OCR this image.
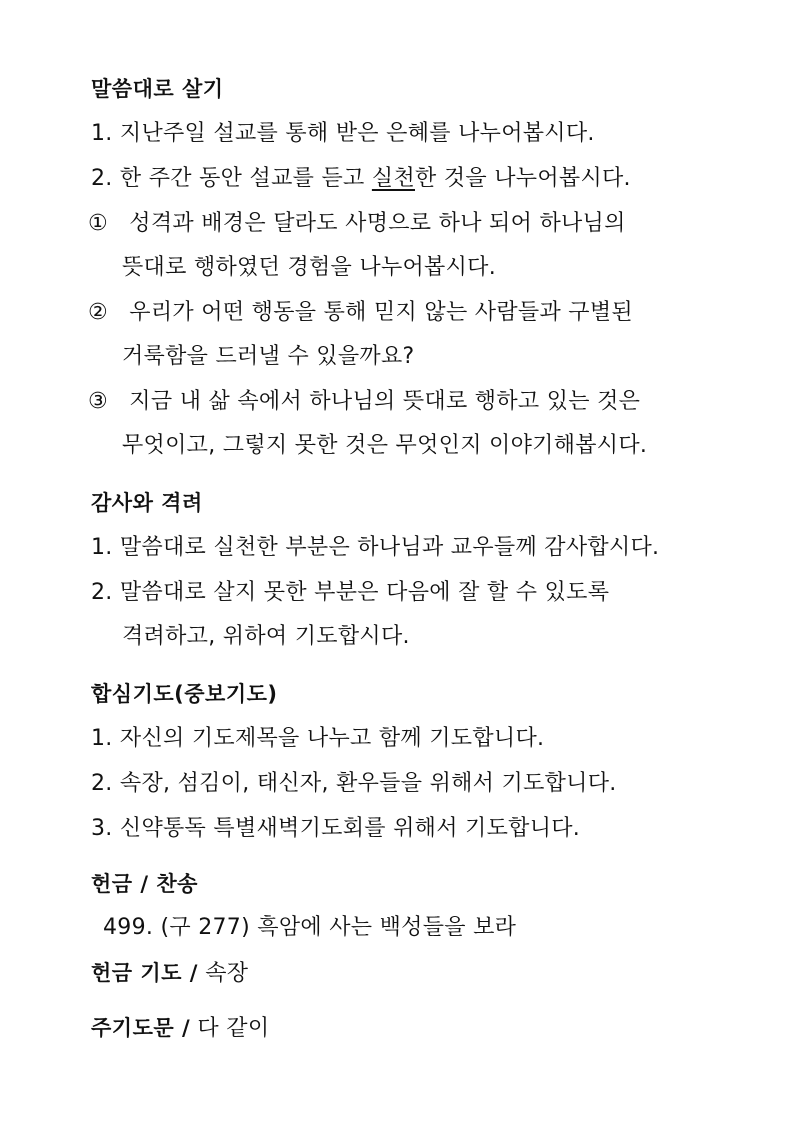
말씀대로 살기
1. 지난주일 설교를 통해 받은 은혜를 나누어봅시다.
2. 한 주간 동안 설교를 듣고 실천한 것을 나누어봅시다.
① 성격과 배경은 달라도 사명으로 하나 되어 하나님의
뜻대로 행하였던 경험을 나누어봅시다.
② 우리가 어떤 행동을 통해 믿지 않는 사람들과 구별된
거룩함을 드러낼 수 있을까요?
③ 지금 내 삶 속에서 하나님의 뜻대로 행하고 있는 것은
무엇이고, 그렇지 못한 것은 무엇인지 이야기해봅시다.
감사와 격려
1. 말씀대로 실천한 부분은 하나님과 교우들께 감사합시다.
2. 말씀대로 살지 못한 부분은 다음에 잘 할 수 있도록
격려하고, 위하여 기도합시다.
합심기도(중보기도)
1. 자신의 기도제목을 나누고 함께 기도합니다.
2. 속장, 섬김이, 태신자, 환우들을 위해서 기도합니다.
3. 신약통독 특별새벽기도회를 위해서 기도합니다.
헌금 / 찬송
499. (구 277) 흑암에 사는 백성들을 보라
헌금 기도 / 속장
주기도문 / 다 같이
